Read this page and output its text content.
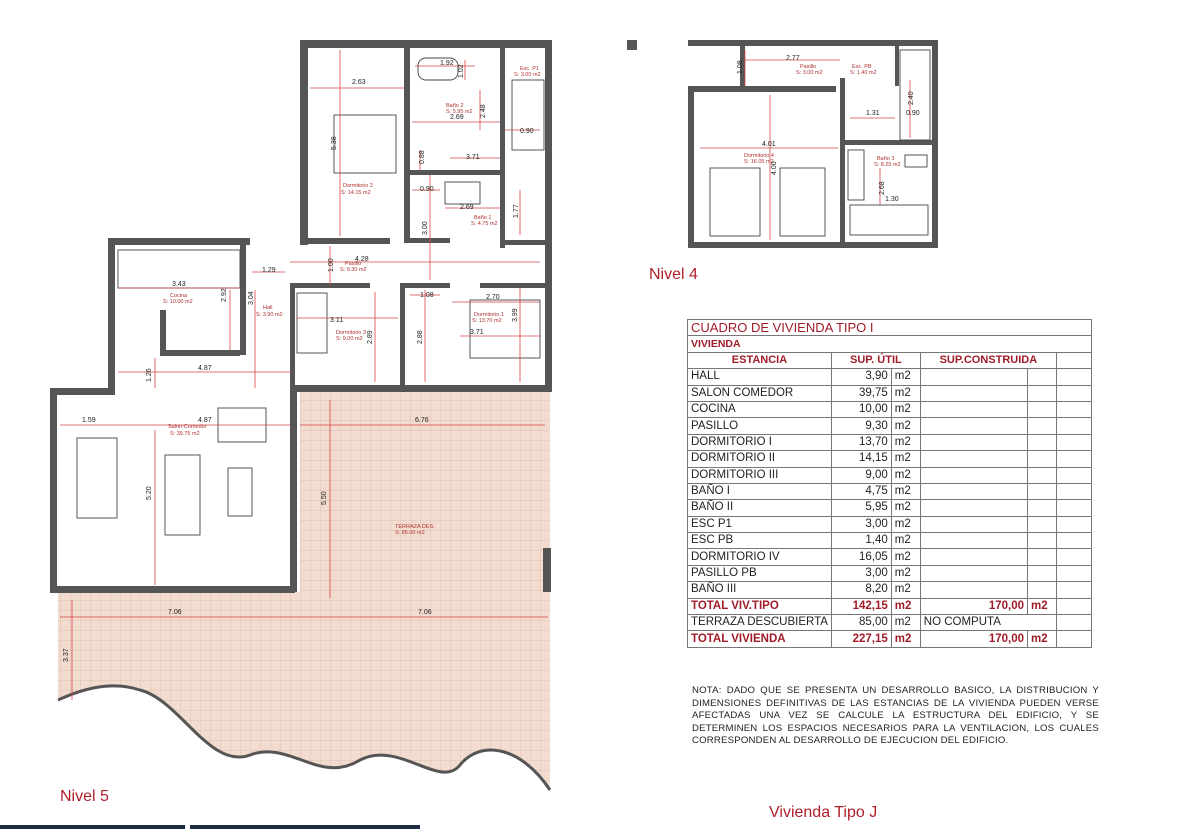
2.63
1.92
2.69
5.38
1.02
2.48
0.90
0.88	3.71
0.90
2.69	1.77
3.00
4.28
1.00
1.29
3.43
2.92	3.04
3.11
2.89	2.88
1.08	2.70
3.71
3.99
4.87
1.26
1.59	4.87	6.76
5.20	5.50
7.06	7.06
3.37
Cocina
S: 10.00 m2
Hall
S: 3.90 m2
Salon-Comedor
S: 39.75 m2
Dormitorio 2
S: 14.15 m2
Baño 2
S: 5.95 m2
Esc. P1
S: 3.00 m2
Baño 1
S: 4.75 m2
Pasillo
S: 9.30 m2
Dormitorio 3
S: 9.00 m2
Dormitorio 1
S: 13.70 m2
TERRAZA DES.
S: 85.00 m2
2.77
1.08
4.01
4.00
2.40
0.90
1.31
2.68
1.30
Pasillo
S: 3.00 m2
Esc. PB
S: 1.40 m2
Dormitorio 4
S: 16.05 m2	Baño 3
S: 8.20 m2
Nivel 4
Nivel 5
Vivienda Tipo J
CUADRO DE VIVIENDA TIPO I					
VIVIENDA					
ESTANCIA	SUP. ÚTIL		SUP.CONSTRUIDA		
HALL	3,90	m2			
SALON COMEDOR	39,75	m2			
COCINA	10,00	m2			
PASILLO	9,30	m2			
DORMITORIO I	13,70	m2			
DORMITORIO II	14,15	m2			
DORMITORIO III	9,00	m2			
BAÑO I	4,75	m2			
BAÑO II	5,95	m2			
ESC P1	3,00	m2			
ESC PB	1,40	m2			
DORMITORIO IV	16,05	m2			
PASILLO PB	3,00	m2			
BAÑO III	8,20	m2			
TOTAL VIV.TIPO	142,15	m2	170,00	m2	
TERRAZA DESCUBIERTA	85,00	m2	NO COMPUTA		
TOTAL VIVIENDA	227,15	m2	170,00	m2	
NOTA: DADO QUE SE PRESENTA UN DESARROLLO BASICO, LA DISTRIBUCION Y DIMENSIONES DEFINITIVAS DE LAS ESTANCIAS DE LA VIVIENDA PUEDEN VERSE AFECTADAS UNA VEZ SE CALCULE LA ESTRUCTURA DEL EDIFICIO, Y SE DETERMINEN LOS ESPACIOS NECESARIOS PARA LA VENTILACION, LOS CUALES CORRESPONDEN AL DESARROLLO DE EJECUCION DEL EDIFICIO.
